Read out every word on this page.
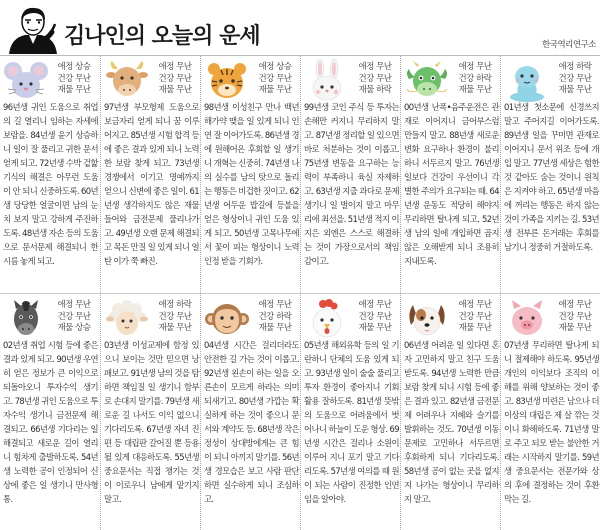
김나인의 오늘의 운세	한국역리연구소
애정 상승
건강 무난
재물 무난
96년생 귀인 도움으로 취업의 길 열리니 임하는 자세에 보람을. 84년생 윤기 상승하니 일이 잘 풀리고 귀한 문서 얻게 되고. 72년생 수박 겉핥기식의 해결은 아무런 도움이 안 되니 신중하도록. 60년생 당당한 얼굴이면 남의 눈치 보지 말고 강하게 주진하도록. 48년생 자손 등의 도움으로 문서문제 해결되니 한시름 놓게 되고.
애정 무난
건강 무난
재물 무난
97년생 부모형제 도움으로 보금자리 얻게 되니 꿈 이루어지고. 85년생 시험 합격 등에 좋은 결과 있게 되니 노력한 보람 찾게 되고. 73년생 경쟁에서 이기고 명예까지 얻으니 신변에 좋은 일이. 61년생 생각하지도 않은 재물 들어와 금전문제 풀리나가고. 49년생 오랜 문제 해결되고 목돈 만질 일 있게 되니 얼탄 이가 쭉 빠진.
애정 상승
건강 무난
재물 무난
98년생 이성친구 만나 백년해가약 맺을 일 있게 되니 인연 잘 이어가도록. 86년생 경에 원해어온 후회할 일 생기니 개혁는 신중히. 74년생 나의 실수를 남의 탓으로 돌리는 행동은 비겁한 짓이고. 62년생 어두운 밥길에 등불을 얻은 형상이니 귀인 도움 있게 되고. 50년생 고목나무에서 꽃이 피는 형상이니 노력 인정 받을 기회가.
애정 무난
건강 무난
재물 하락
99년생 코인 주식 등 투자는 손해만 커지니 무리하지 말고. 87년생 정리할 일 있으면 바로 처분하는 것이 이롭고. 75년생 변동을 요구하는 능력이 부족하니 육실 자제하고. 63년생 지출 과다로 문제 생기니 일 벌이지 말고 마무리에 최선을. 51년생 적지 이 지은 외엔은 스스로 해결하는 것이 가장으로서의 책임감이고.
애정 무난
건강 하락
재물 무난
00년생 난폭•음주운전은 관재로 이어지니 금어부스럼 만들지 말고. 88년생 새로운 변화 요구하나 환경이 불리하니 서두르지 말고. 76년생 일보다 건강이 우선이니 각별한 주의가 요구되는 때. 64년생 운동도 적당히 해야지 무리하면 탈나게 되고. 52년생 남의 일에 개입하면 곱지 않은 오해받게 되니 조용히 지내도록.
애정 하락
건강 무난
재물 무난
01년생 첫소문에 신경쓰지 말고 주어지길 이어가도록. 89년생 일을 꾸미면 관재로 이어지니 문서 위조 등에 개입 말고. 77년생 세상은 험한 것 같아도 숨는 것이니 원칙은 지켜야 하고. 65년생 마음에 꺼리는 행동은 하지 않는 것이 가족을 지키는 길. 53년생 전부른 돈거래는 후회를 남기니 정중히 거절하도록.
애정 무난
건강 무난
재물 상승
02년생 취업 시험 등에 좋은 결과 있게 되고. 90년생 우연히 얻은 정보가 큰 이익으로 되돌아오니 투자수익 생기고. 78년생 귀인 도움으로 투자수익 생기니 금전문제 해결되고. 66년생 기다리는 일 해결되고 새로운 길이 열리니 힘차게 출발하도록. 54년생 노력한 공이 인정되어 신상에 좋은 일 생기니 만사형통.
애정 하락
건강 무난
재물 무난
03년생 이성교제에 함정 있으니 보이는 것만 믿으면 낭패보고. 91년생 남의 것을 탐하면 책임질 일 생기니 함부로 손대지 말기를. 79년생 새로운 길 나서도 이익 없으니 기다리도록. 67년생 자녀 진편 등 대립판 갈어질 뿐 등용될 있게 대응하도록. 55년생 중요문서는 직접 챙기는 것이 이로우니 남에게 맡기지 말고.
애정 무난
건강 하락
재물 무난
04년생 시간은 걸리더라도 안전한 길 가는 것이 이롭고. 92년생 왼손이 하는 일을 오른손이 모르게 하라는 의미 되새기고. 80년생 가깝는 확실하게 하는 것이 좋으니 문서와 계약도 등. 68년생 작은 정성이 상대방에게는 큰 힘이 되니 아끼지 말기를. 56년생 경모습은 보고 사람 판단하면 실수하게 되니 조심하고.
애정 무난
건강 무난
재물 무난
05년생 해외유학 등의 일 기란하니 단체의 도움 있게 되고. 93년생 일이 술술 풀리고 투자 환경이 좋아지니 기회활용 잘하도록. 81년생 뜻밖의 도움으로 어려움에서 벗어나니 하늘이 도운 형상. 69년생 시간은 걸리나 소원이 이루어 지니 포기 말고 기다리도록. 57년생 여의를 때 원이 되는 사람이 진정한 인연임을 알아야.
애정 무난
건강 무난
재물 무난
06년생 어려운 일 있다면 혼자 고민하지 말고 친구 도움 받도록. 94년생 노력한 만큼 보람 찾게 되니 시험 등에 좋은 결과 있고. 82년생 금전문제 어려우나 지혜와 슬기를 발휘하는 것도. 70년생 이동문제로 고민하나 서두르면 후회하게 되니 기다리도록. 58년생 공이 없는 곳을 없지지 나가는 형상이니 무리하지 말고.
애정 무난
건강 무난
재물 무난
07년생 무리하면 탈나게 되니 절제해야 하도록. 95년생 개인의 이익보다 조직의 이해를 위해 양보하는 것이 좋고. 83년생 미련은 남으나 더 이상의 대립은 제 살 깎는 것이니 화해하도록. 71년생 말로 주고 되모 받는 불안한 거래는 시작하지 말기를. 59년생 중요문서는 전문가와 상의 후에 결정하는 것이 후환 막는 길.
